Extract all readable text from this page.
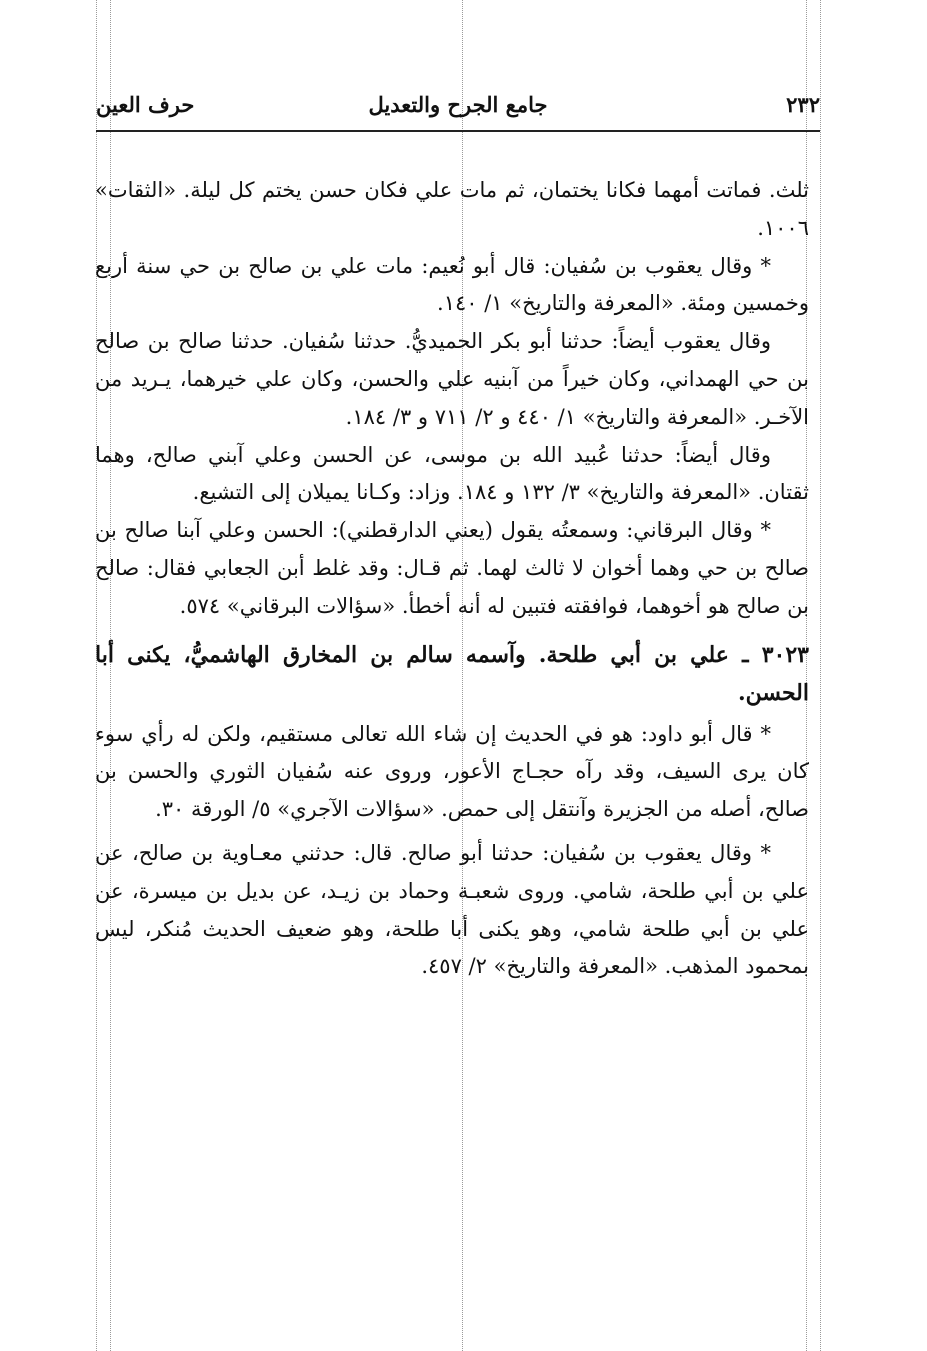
٢٣٢
جامع الجرح والتعديل
حرف العين

ثلث. فماتت أمهما فكانا يختمان، ثم مات علي فكان حسن يختم كل ليلة. «الثقات» ١٠٠٦.

* وقال يعقوب بن سُفيان: قال أبو نُعيم: مات علي بن صالح بن حي سنة أربع وخمسين ومئة. «المعرفة والتاريخ» ١/ ١٤٠.

وقال يعقوب أيضاً: حدثنا أبو بكر الحميديُّ. حدثنا سُفيان. حدثنا صالح بن صالح بن حي الهمداني، وكان خيراً من آبنيه علي والحسن، وكان علي خيرهما، يـريد من الآخـر. «المعرفة والتاريخ» ١/ ٤٤٠ و ٢/ ٧١١ و ٣/ ١٨٤.

وقال أيضاً: حدثنا عُبيد الله بن موسى، عن الحسن وعلي آبني صالح، وهما ثقتان. «المعرفة والتاريخ» ٣/ ١٣٢ و ١٨٤. وزاد: وكـانا يميلان إلى التشيع.

* وقال البرقاني: وسمعتُه يقول (يعني الدارقطني): الحسن وعلي آبنا صالح بن صالح بن حي وهما أخوان لا ثالث لهما. ثم قـال: وقد غلط أبن الجعابي فقال: صالح بن صالح هو أخوهما، فوافقته فتبين له أنه أخطأ. «سؤالات البرقاني» ٥٧٤.

٣٠٢٣ ـ علي بن أبي طلحة. وآسمه سالم بن المخارق الهاشميُّ، يكنى أبا الحسن.

* قال أبو داود: هو في الحديث إن شاء الله تعالى مستقيم، ولكن له رأي سوء كان يرى السيف، وقد رآه حجـاج الأعور، وروى عنه سُفيان الثوري والحسن بن صالح، أصله من الجزيرة وآنتقل إلى حمص. «سؤالات الآجري» ٥/ الورقة ٣٠.

* وقال يعقوب بن سُفيان: حدثنا أبو صالح. قال: حدثني معـاوية بن صالح، عن علي بن أبي طلحة، شامي. وروى شعبـة وحماد بن زيـد، عن بديل بن ميسرة، عن علي بن أبي طلحة شامي، وهو يكنى أبا طلحة، وهو ضعيف الحديث مُنكر، ليس بمحمود المذهب. «المعرفة والتاريخ» ٢/ ٤٥٧.
